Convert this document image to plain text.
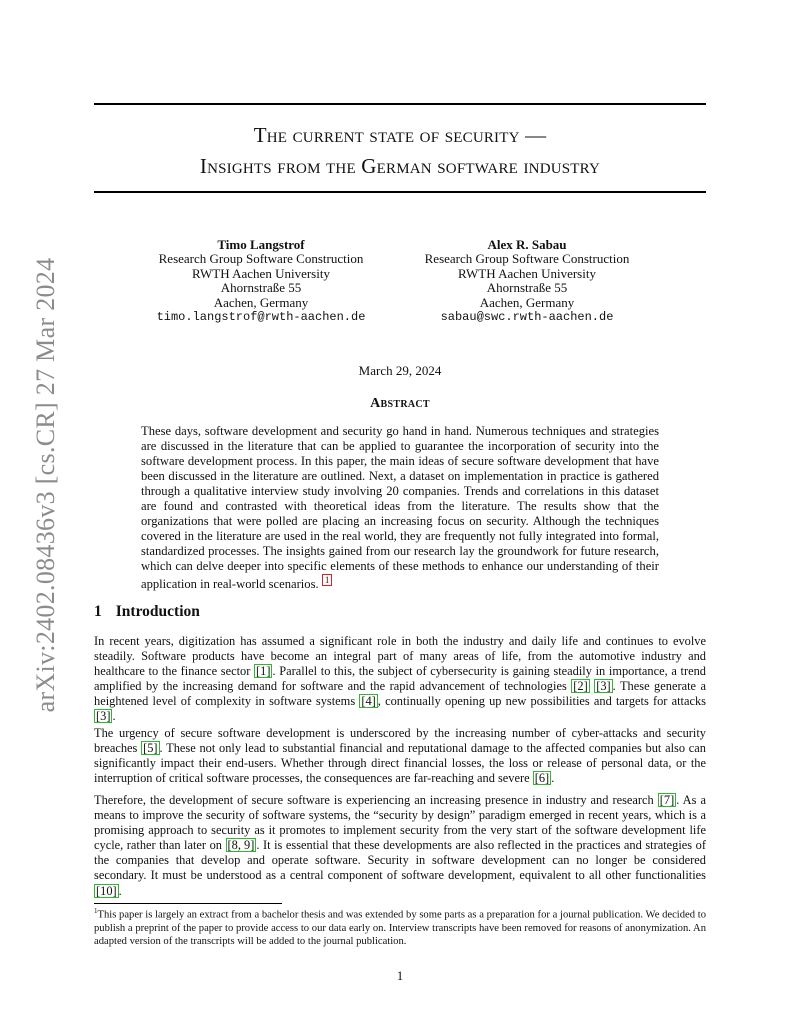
arXiv:2402.08436v3 [cs.CR] 27 Mar 2024
The current state of security —
Insights from the German software industry
Timo Langstrof
Research Group Software Construction
RWTH Aachen University
Ahornstraße 55
Aachen, Germany
timo.langstrof@rwth-aachen.de
Alex R. Sabau
Research Group Software Construction
RWTH Aachen University
Ahornstraße 55
Aachen, Germany
sabau@swc.rwth-aachen.de
March 29, 2024
Abstract
These days, software development and security go hand in hand. Numerous techniques and strategies are discussed in the literature that can be applied to guarantee the incorporation of security into the software development process. In this paper, the main ideas of secure software development that have been discussed in the literature are outlined. Next, a dataset on implementation in practice is gathered through a qualitative interview study involving 20 companies. Trends and correlations in this dataset are found and contrasted with theoretical ideas from the literature. The results show that the organizations that were polled are placing an increasing focus on security. Although the techniques covered in the literature are used in the real world, they are frequently not fully integrated into formal, standardized processes. The insights gained from our research lay the groundwork for future research, which can delve deeper into specific elements of these methods to enhance our understanding of their application in real-world scenarios. 1
1 Introduction
In recent years, digitization has assumed a significant role in both the industry and daily life and continues to evolve steadily. Software products have become an integral part of many areas of life, from the automotive industry and healthcare to the finance sector [1] . Parallel to this, the subject of cybersecurity is gaining steadily in importance, a trend amplified by the increasing demand for software and the rapid advancement of technologies [2] [3] . These generate a heightened level of complexity in software systems [4] , continually opening up new possibilities and targets for attacks [3] .
The urgency of secure software development is underscored by the increasing number of cyber-attacks and security breaches [5] . These not only lead to substantial financial and reputational damage to the affected companies but also can significantly impact their end-users. Whether through direct financial losses, the loss or release of personal data, or the interruption of critical software processes, the consequences are far-reaching and severe [6] .
Therefore, the development of secure software is experiencing an increasing presence in industry and research [7] . As a means to improve the security of software systems, the “security by design” paradigm emerged in recent years, which is a promising approach to security as it promotes to implement security from the very start of the software development life cycle, rather than later on [8, 9] . It is essential that these developments are also reflected in the practices and strategies of the companies that develop and operate software. Security in software development can no longer be considered secondary. It must be understood as a central component of software development, equivalent to all other functionalities [10] .
$^1$This paper is largely an extract from a bachelor thesis and was extended by some parts as a preparation for a journal publication. We decided to publish a preprint of the paper to provide access to our data early on. Interview transcripts have been removed for reasons of anonymization. An adapted version of the transcripts will be added to the journal publication.
1
